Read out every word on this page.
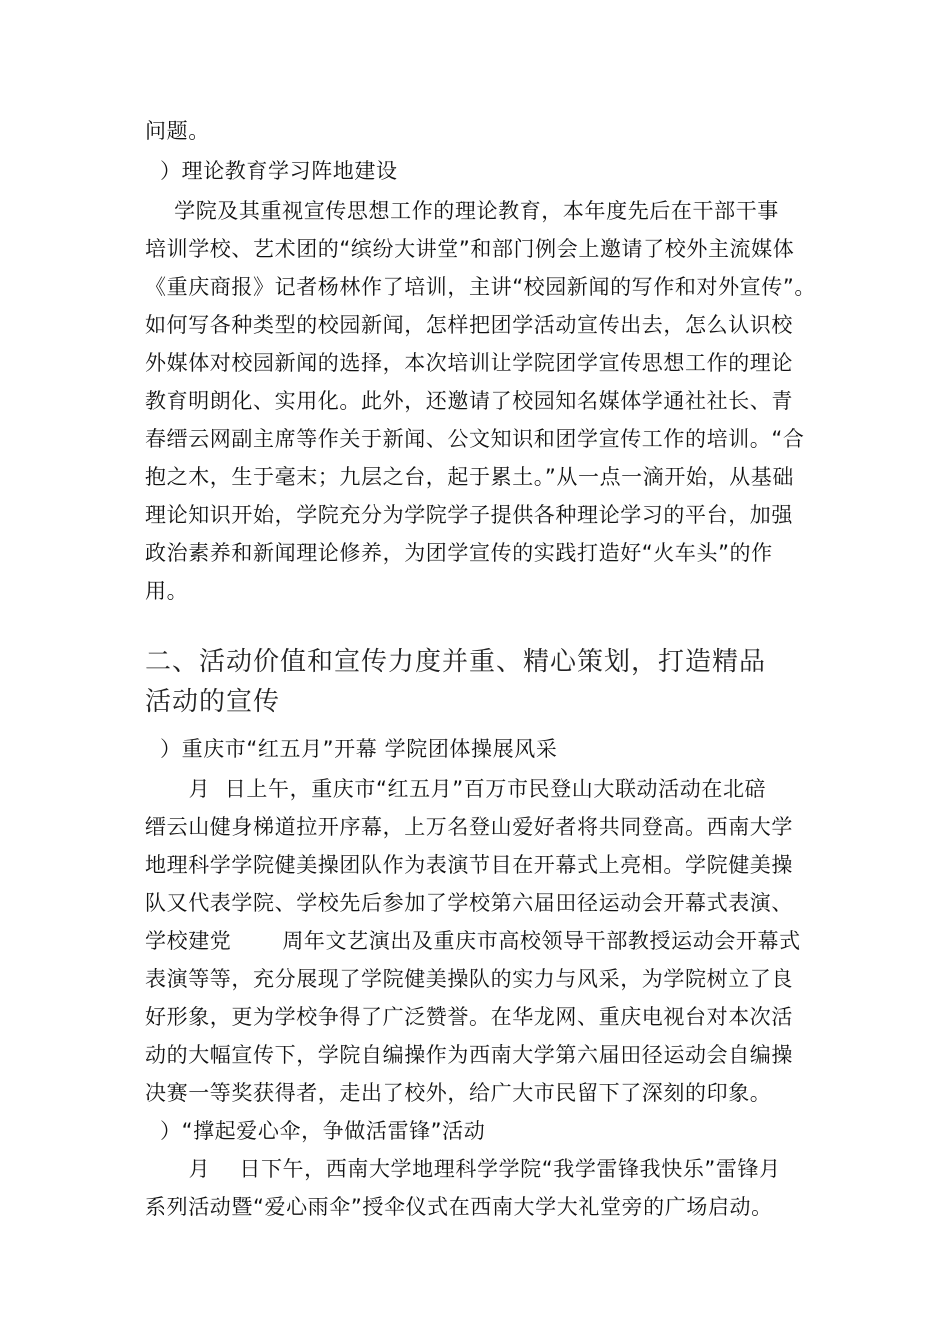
问题。
）理论教育学习阵地建设
学院及其重视宣传思想工作的理论教育，本年度先后在干部干事
培训学校、艺术团的“缤纷大讲堂”和部门例会上邀请了校外主流媒体
《重庆商报》记者杨林作了培训，主讲“校园新闻的写作和对外宣传”。
如何写各种类型的校园新闻，怎样把团学活动宣传出去，怎么认识校
外媒体对校园新闻的选择，本次培训让学院团学宣传思想工作的理论
教育明朗化、实用化。此外，还邀请了校园知名媒体学通社社长、青
春缙云网副主席等作关于新闻、公文知识和团学宣传工作的培训。“合
抱之木，生于毫末；九层之台，起于累土。”从一点一滴开始，从基础
理论知识开始，学院充分为学院学子提供各种理论学习的平台，加强
政治素养和新闻理论修养，为团学宣传的实践打造好“火车头”的作
用。
二、活动价值和宣传力度并重、精心策划，打造精品
活动的宣传
）重庆市“红五月”开幕 学院团体操展风采
月  日上午，重庆市“红五月”百万市民登山大联动活动在北碚
缙云山健身梯道拉开序幕，上万名登山爱好者将共同登高。西南大学
地理科学学院健美操团队作为表演节目在开幕式上亮相。学院健美操
队又代表学院、学校先后参加了学校第六届田径运动会开幕式表演、
学校建党       周年文艺演出及重庆市高校领导干部教授运动会开幕式
表演等等，充分展现了学院健美操队的实力与风采，为学院树立了良
好形象，更为学校争得了广泛赞誉。在华龙网、重庆电视台对本次活
动的大幅宣传下，学院自编操作为西南大学第六届田径运动会自编操
决赛一等奖获得者，走出了校外，给广大市民留下了深刻的印象。
）“撑起爱心伞，争做活雷锋”活动
月    日下午，西南大学地理科学学院“我学雷锋我快乐”雷锋月
系列活动暨“爱心雨伞”授伞仪式在西南大学大礼堂旁的广场启动。
